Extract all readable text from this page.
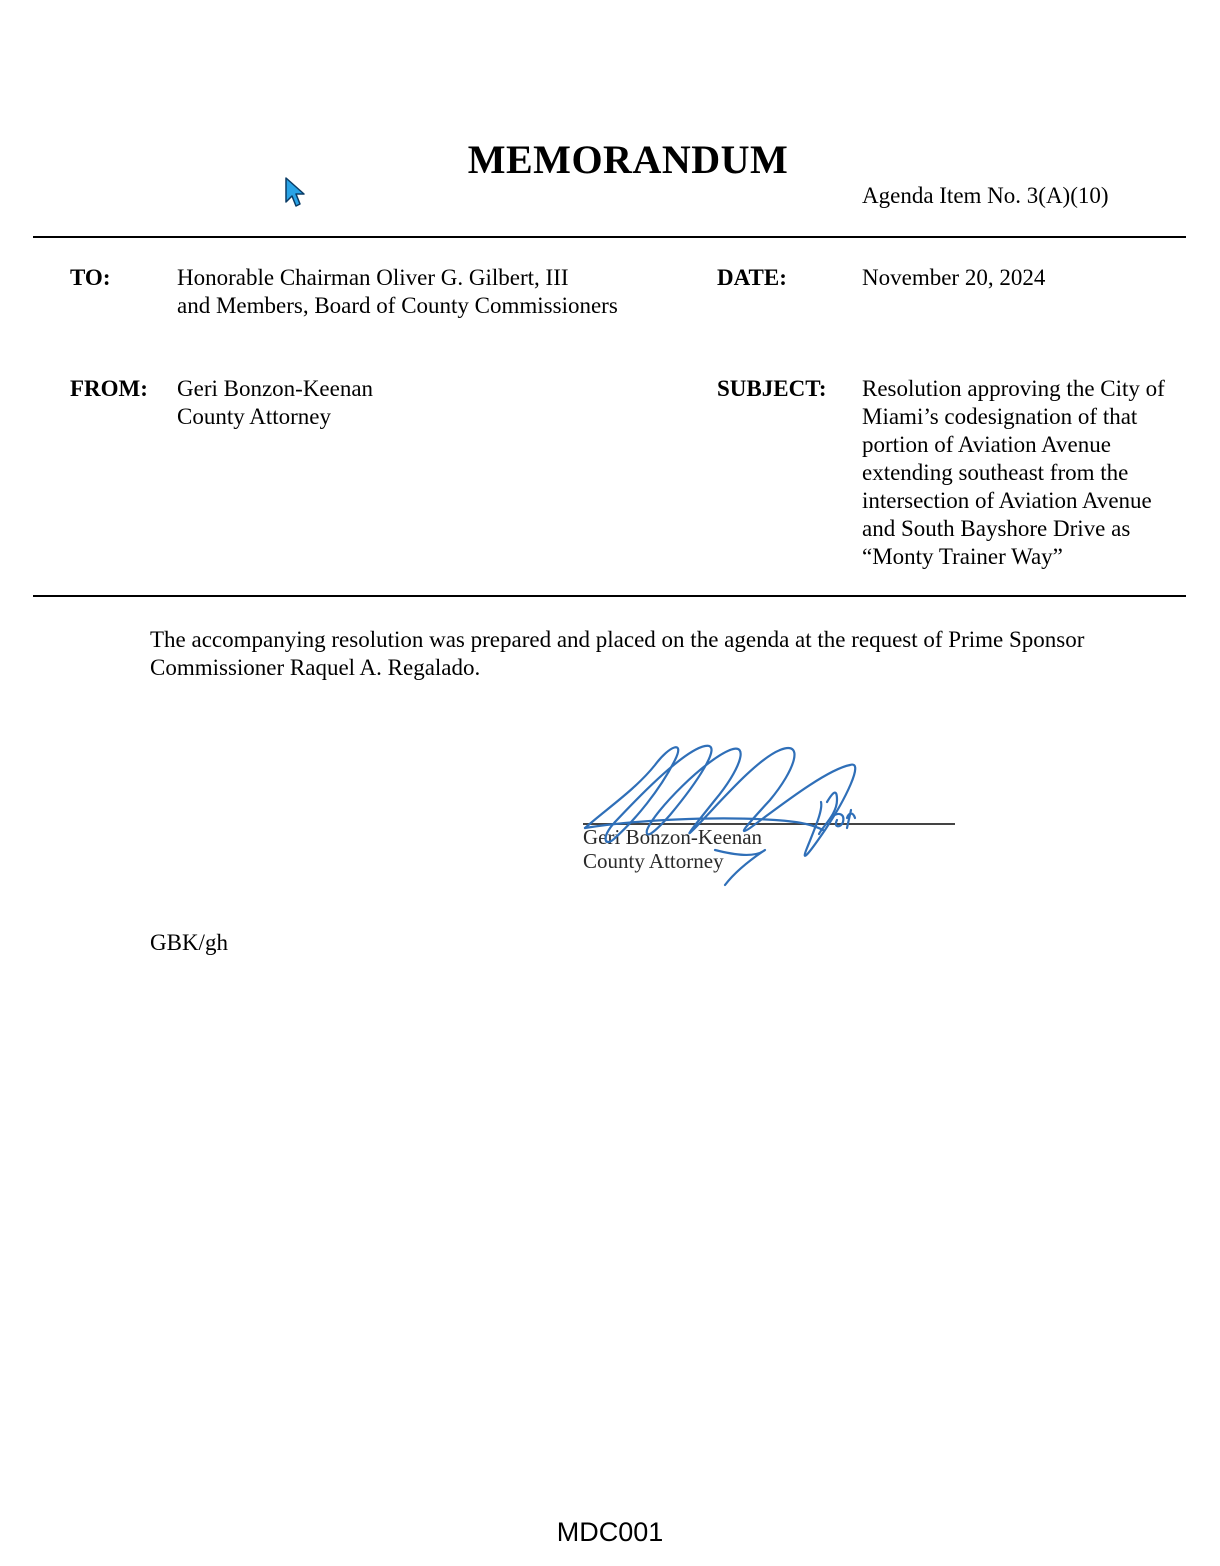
MEMORANDUM
Agenda Item No. 3(A)(10)
TO:	Honorable Chairman Oliver G. Gilbert, III
and Members, Board of County Commissioners
DATE:	November 20, 2024
FROM: Geri Bonzon-Keenan
County Attorney
SUBJECT: Resolution approving the City of
Miami’s codesignation of that
portion of Aviation Avenue
extending southeast from the
intersection of Aviation Avenue
and South Bayshore Drive as
“Monty Trainer Way”
The accompanying resolution was prepared and placed on the agenda at the request of Prime Sponsor
Commissioner Raquel A. Regalado.
Geri Bonzon-Keenan
County Attorney
GBK/gh
MDC001
